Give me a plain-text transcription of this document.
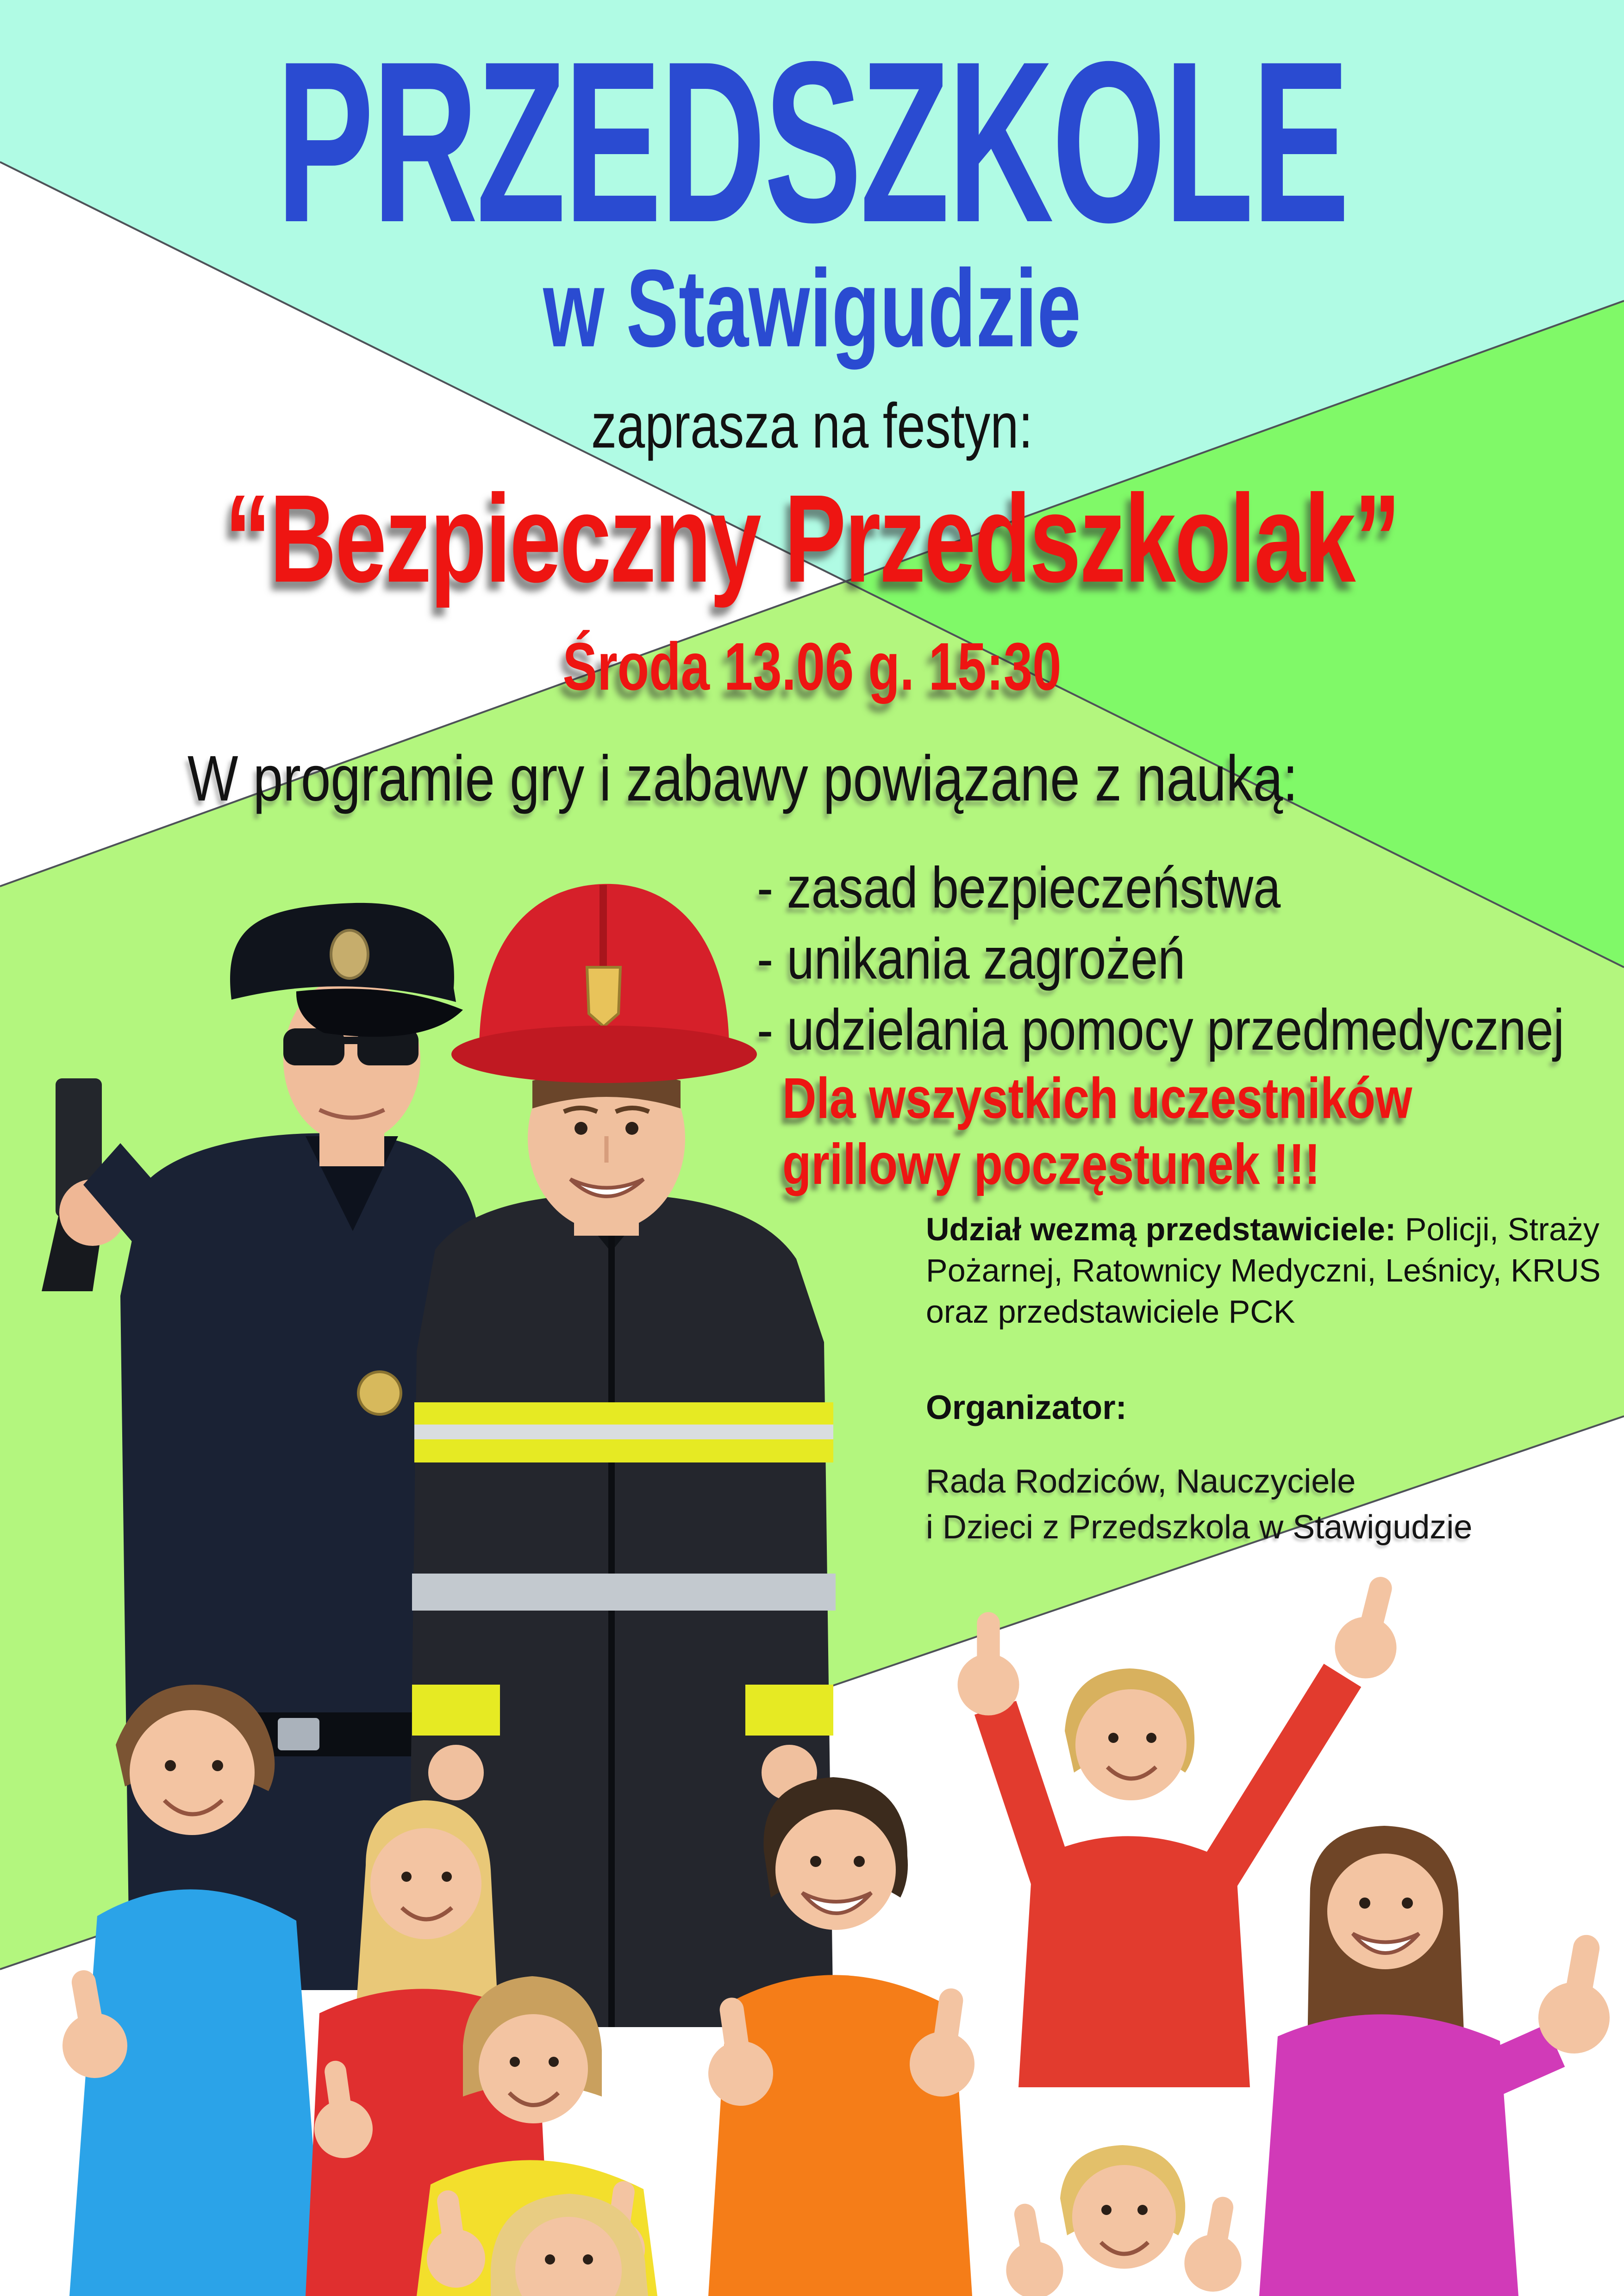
PRZEDSZKOLE
w Stawigudzie
zaprasza na festyn:
“Bezpieczny Przedszkolak”
Środa 13.06 g. 15:30
W programie gry i zabawy powiązane z nauką:
- zasad bezpieczeństwa
- unikania zagrożeń
- udzielania pomocy przedmedycznej
Dla wszystkich uczestników
grillowy poczęstunek !!!
Udział wezmą przedstawiciele: Policji, Straży
Pożarnej, Ratownicy Medyczni, Leśnicy, KRUS
oraz przedstawiciele PCK
Organizator:
Rada Rodziców, Nauczyciele
i Dzieci z Przedszkola w Stawigudzie
